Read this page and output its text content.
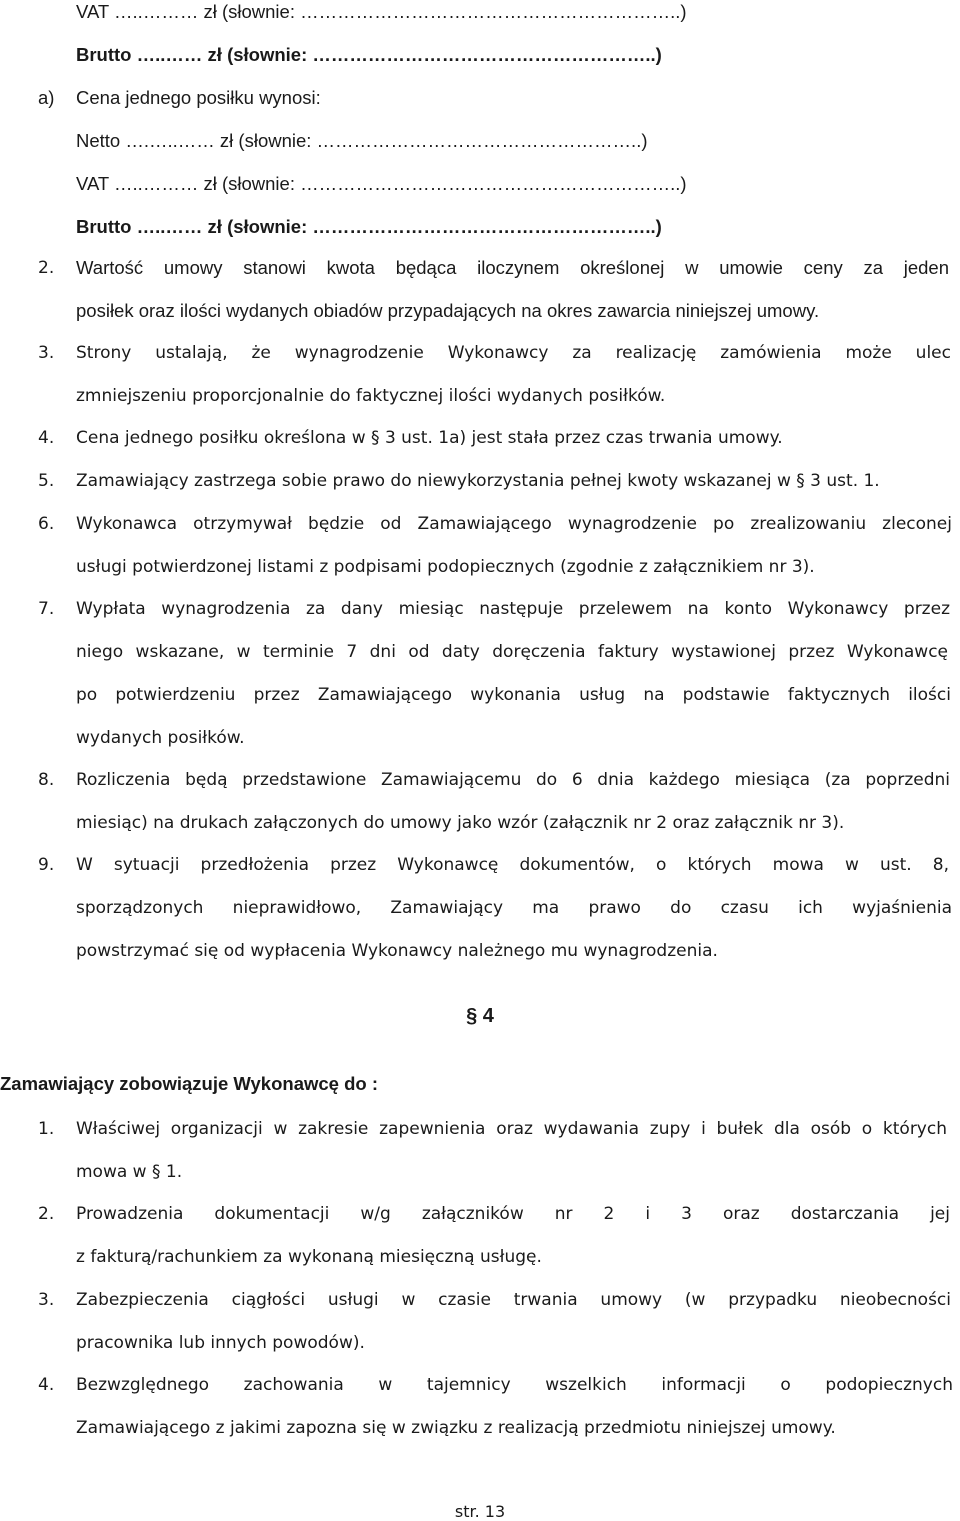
VAT …..……… zł (słownie: ……………………………………………………..)
Brutto …..…… zł (słownie: ………………………………………………..)
a) Cena jednego posiłku wynosi:
Netto ….…..…… zł (słownie: ……………………………………………..)
VAT …..……… zł (słownie: ……………………………………………………..)
Brutto …..…… zł (słownie: ………………………………………………..)
2. Wartość umowy stanowi kwota będąca iloczynem określonej w umowie ceny za jeden
posiłek oraz ilości wydanych obiadów przypadających na okres zawarcia niniejszej umowy.
3. Strony ustalają, że wynagrodzenie Wykonawcy za realizację zamówienia może ulec
zmniejszeniu proporcjonalnie do faktycznej ilości wydanych posiłków.
4. Cena jednego posiłku określona w § 3 ust. 1a) jest stała przez czas trwania umowy.
5. Zamawiający zastrzega sobie prawo do niewykorzystania pełnej kwoty wskazanej w § 3 ust. 1.
6. Wykonawca otrzymywał będzie od Zamawiającego wynagrodzenie po zrealizowaniu zleconej
usługi potwierdzonej listami z podpisami podopiecznych (zgodnie z załącznikiem nr 3).
7. Wypłata wynagrodzenia za dany miesiąc następuje przelewem na konto Wykonawcy przez
niego wskazane, w terminie 7 dni od daty doręczenia faktury wystawionej przez Wykonawcę
po potwierdzeniu przez Zamawiającego wykonania usług na podstawie faktycznych ilości
wydanych posiłków.
8. Rozliczenia będą przedstawione Zamawiającemu do 6 dnia każdego miesiąca (za poprzedni
miesiąc) na drukach załączonych do umowy jako wzór (załącznik nr 2 oraz załącznik nr 3).
9. W sytuacji przedłożenia przez Wykonawcę dokumentów, o których mowa w ust. 8,
sporządzonych nieprawidłowo, Zamawiający ma prawo do czasu ich wyjaśnienia
powstrzymać się od wypłacenia Wykonawcy należnego mu wynagrodzenia.
§ 4
Zamawiający zobowiązuje Wykonawcę do :
1. Właściwej organizacji w zakresie zapewnienia oraz wydawania zupy i bułek dla osób o których
mowa w § 1.
2. Prowadzenia dokumentacji w/g załączników nr 2 i 3 oraz dostarczania jej
z fakturą/rachunkiem za wykonaną miesięczną usługę.
3. Zabezpieczenia ciągłości usługi w czasie trwania umowy (w przypadku nieobecności
pracownika lub innych powodów).
4. Bezwzględnego zachowania w tajemnicy wszelkich informacji o podopiecznych
Zamawiającego z jakimi zapozna się w związku z realizacją przedmiotu niniejszej umowy.
str. 13
